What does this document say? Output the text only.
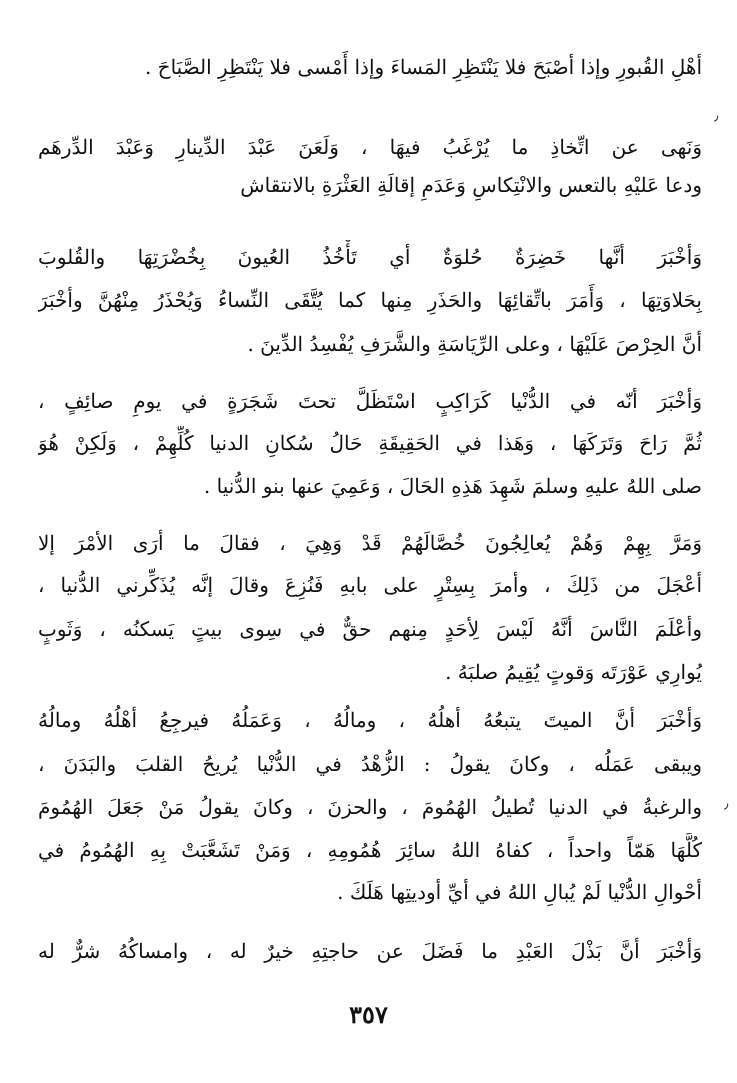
أهْلِ القُبورِ وإذا أصْبَحَ فلا يَنْتَظِرِ المَساءَ وإذا أَمْسى فلا يَنْتَظِرِ الصَّبَاحَ .
وَنَهى عن اتِّخاذِ ما يُرْغَبُ فيهَا ، وَلَعَنَ عَبْدَ الدِّينارِ وَعَبْدَ الدِّرهَم
ودعا عَليْهِ بالتعس والانْتِكاسِ وَعَدَمِ إقالَةِ العَثْرَةِ بالانتقاش
وَأخْبَرَ أنَّها خَضِرَةٌ حُلوَةٌ أي تَأْخُذُ العُيونَ بِخُضْرَتِهَا والقُلوبَ
بِحَلاوَتِهَا ، وَأَمَرَ باتِّقائِهَا والحَذَرِ مِنها كما يُتَّقَى النِّساءُ وَيُحْذَرُ مِنْهُنَّ وأخْبَرَ
أنَّ الحِرْصَ عَلَيْهَا ، وعلى الرِّيَاسَةِ والشَّرَفِ يُفْسِدُ الدِّينَ .
وَأخْبَرَ أنّه في الدُّنْيا كَرَاكِبٍ اسْتَظَلَّ تحتَ شَجَرَةٍ في يومِ صائِفٍ ،
ثُمَّ رَاحَ وَتَرَكَهَا ، وَهَذا في الحَقِيقَةِ حَالُ سُكانِ الدنيا كُلِّهِمْ ، وَلَكِنْ هُوَ
صلى اللهُ عليهِ وسلمَ شَهِدَ هَذِهِ الحَالَ ، وَعَمِيَ عنها بنو الدُّنيا .
وَمَرَّ بِهِمْ وَهُمْ يُعالِجُونَ خُصَّالَهُمْ قَدْ وَهِيَ ، فقالَ ما أرَى الأمْرَ إلا
أعْجَلَ من ذَلِكَ ، وأمرَ بِسِتْرٍ على بابهِ فَنُزِعَ وقالَ إنَّه يُذَكِّرني الدُّنيا ،
وأعْلَمَ النَّاسَ أنَّهُ لَيْسَ لِأحَدٍ مِنهم حقٌّ في سِوى بيتٍ يَسكنُه ، وَثَوبٍ
يُوارِي عَوْرَتَه وَقوتٍ يُقِيمُ صلبَهُ .
وَأخْبَرَ أنَّ الميتَ يتبعُهُ أهلُهُ ، ومالُهُ ، وَعَمَلُهُ فيرجِعُ أهْلُهُ ومالُهُ
ويبقى عَمَلُه ، وكانَ يقولُ : الزُّهْدُ في الدُّنْيا يُريحُ القلبَ والبَدَنَ ،
والرغبةُ في الدنيا تُطيلُ الهُمُومَ ، والحزنَ ، وكانَ يقولُ مَنْ جَعَلَ الهُمُومَ
كُلَّهَا هَمّاً واحداً ، كفاهُ اللهُ سائِرَ هُمُومِهِ ، وَمَنْ تَشَعَّبَتْ بِهِ الهُمُومُ في
أحْوالِ الدُّنْيا لَمْ يُبالِ اللهُ في أيِّ أوديتِها هَلَكَ .
وَأخْبَرَ أنَّ بَذْلَ العَبْدِ ما فَضَلَ عن حاجتِهِ خيرٌ له ، وامساكُهُ شرٌّ له
٣٥٧
٫
٫
